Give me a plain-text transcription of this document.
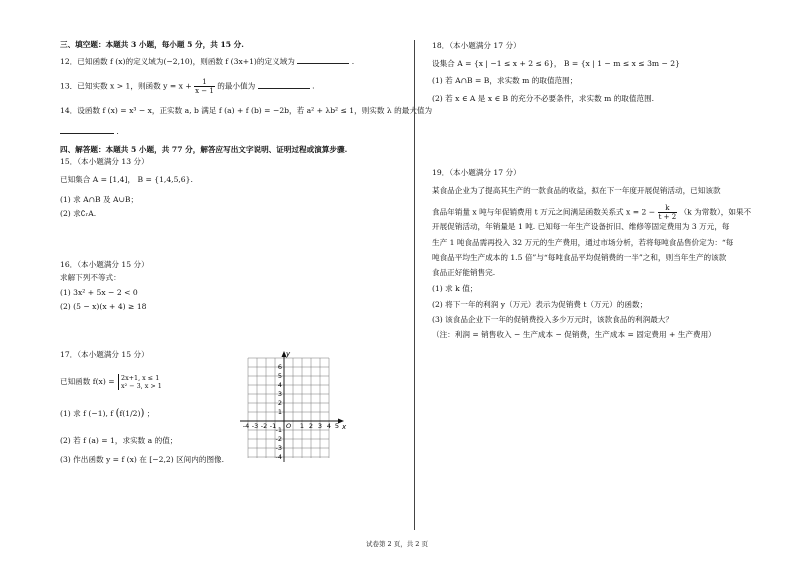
三、填空题：本题共 3 小题，每小题 5 分，共 15 分.
12．已知函数 f (x)的定义域为(−2,10)，则函数 f (3x+1)的定义域为	.
13．已知实数 x > 1，则函数 $y = x + \frac{1}{x - 1}$ 的最小值为	.
14．设函数 f (x) = x³ − x，正实数 a, b 满足 f (a) + f (b) = −2b，若 a² + λb² ≤ 1，则实数 λ 的最大值为
.
四、解答题：本题共 5 小题，共 77 分，解答应写出文字说明、证明过程或演算步骤.
15．（本小题满分 13 分）
已知集合 A = [1,4]， B = {1,4,5,6}.
(1) 求 A∩B 及 A∪B；
(2) 求∁ᵣA.
16．（本小题满分 15 分）
求解下列不等式：
(1) 3x² + 5x − 2 < 0
(2) (5 − x)(x + 4) ≥ 18
17．（本小题满分 15 分）
已知函数 f(x) = 2x+1, x ≤ 1
x² − 3, x > 1
(1) 求 f (−1), f (f(1/2)) ；
(2) 若 f (a) = 1，求实数 a 的值；
(3) 作出函数 y = f (x) 在 [−2,2) 区间内的图像.
x
y
O
-4 -3 -2 -1	1 2 3 4 5
6
5
4
3
2
1
-1
-2
-3
-4
18．（本小题满分 17 分）
设集合 A = {x | −1 ≤ x + 2 ≤ 6}， B = {x | 1 − m ≤ x ≤ 3m − 2}
(1) 若 A∩B = B，求实数 m 的取值范围；
(2) 若 x ∈ A 是 x ∈ B 的充分不必要条件，求实数 m 的取值范围.
19．（本小题满分 17 分）
某食品企业为了提高其生产的一款食品的收益，拟在下一年度开展促销活动，已知该款
食品年销量 x 吨与年促销费用 t 万元之间满足函数关系式 $x = 2 - \frac{k}{t + 2} (k$ 为常数），如果不
开展促销活动，年销量是 1 吨. 已知每一年生产设备折旧、维修等固定费用为 3 万元，每
生产 1 吨食品需再投入 32 万元的生产费用，通过市场分析，若将每吨食品售价定为：“每
吨食品平均生产成本的 1.5 倍”与“每吨食品平均促销费的一半”之和，则当年生产的该款
食品正好能销售完.
(1) 求 k 值；
(2) 将下一年的利润 y（万元）表示为促销费 t（万元）的函数；
(3) 该食品企业下一年的促销费投入多少万元时，该款食品的利润最大？
（注：利润 = 销售收入 − 生产成本 − 促销费，生产成本 = 固定费用 + 生产费用）
试卷第 2 页，共 2 页
